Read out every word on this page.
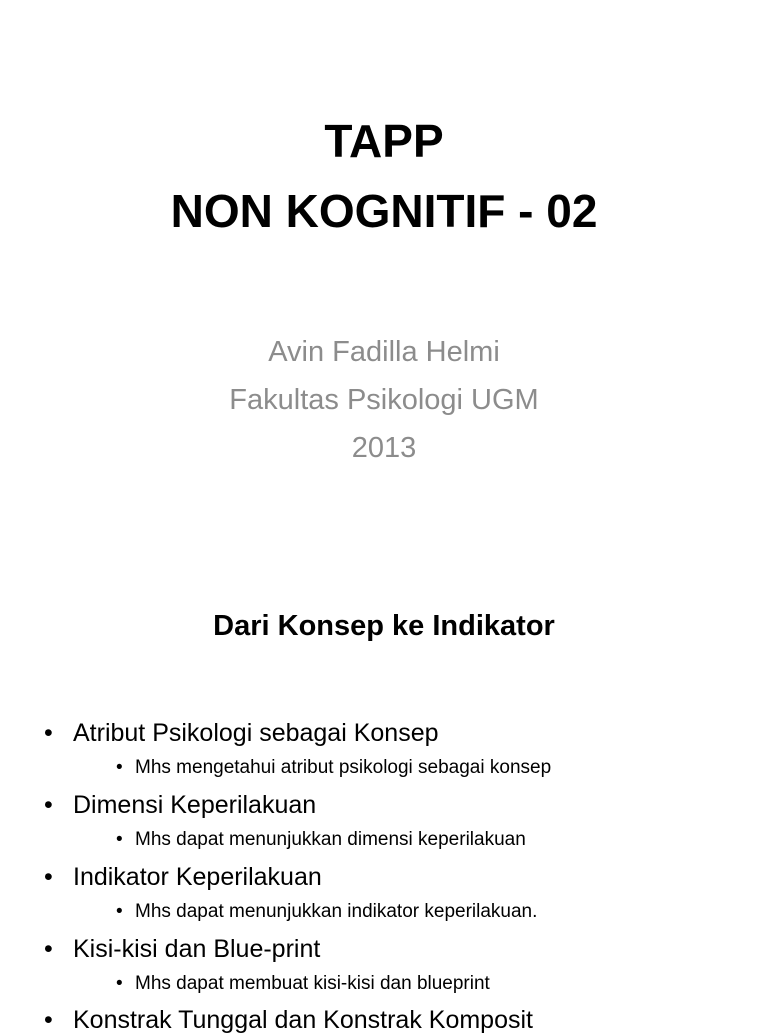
TAPP
NON KOGNITIF - 02
Avin Fadilla Helmi
Fakultas Psikologi UGM
2013
Dari Konsep ke Indikator
• Atribut Psikologi sebagai Konsep
• Mhs mengetahui atribut psikologi sebagai konsep
• Dimensi Keperilakuan
• Mhs dapat menunjukkan dimensi keperilakuan
• Indikator Keperilakuan
• Mhs dapat menunjukkan indikator keperilakuan.
• Kisi-kisi dan Blue-print
• Mhs dapat membuat kisi-kisi dan blueprint
• Konstrak Tunggal dan Konstrak Komposit
